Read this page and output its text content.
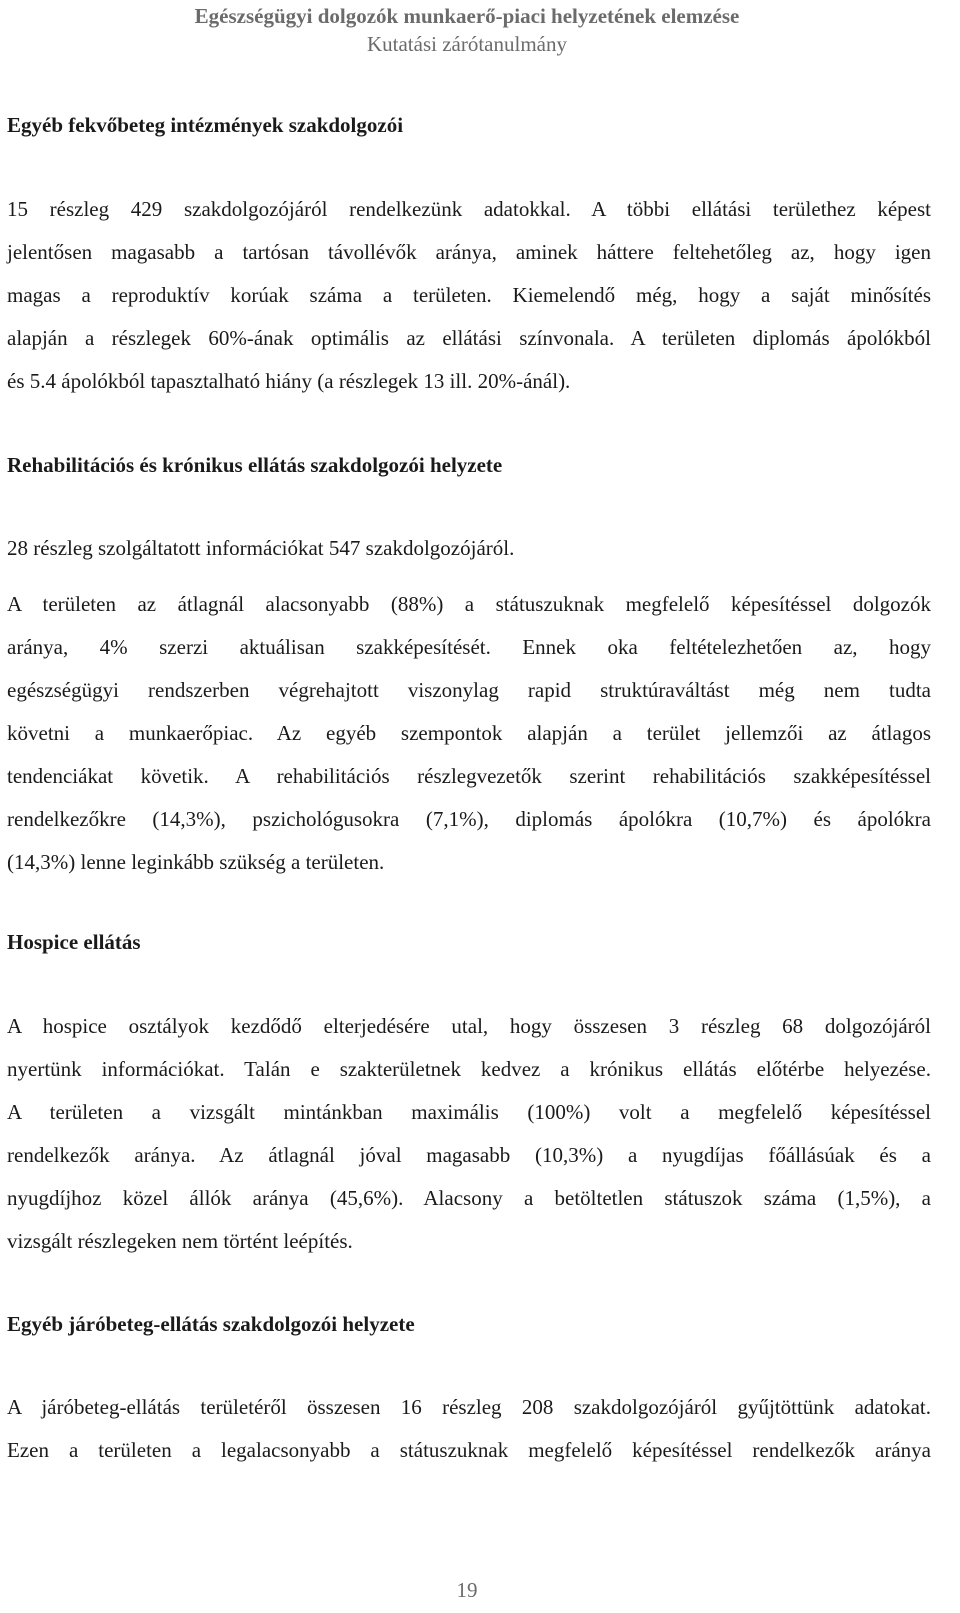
Egészségügyi dolgozók munkaerő-piaci helyzetének elemzése
Kutatási zárótanulmány
Egyéb fekvőbeteg intézmények szakdolgozói
15 részleg 429 szakdolgozójáról rendelkezünk adatokkal. A többi ellátási területhez képest
jelentősen magasabb a tartósan távollévők aránya, aminek háttere feltehetőleg az, hogy igen
magas a reproduktív korúak száma a területen. Kiemelendő még, hogy a saját minősítés
alapján a részlegek 60%-ának optimális az ellátási színvonala. A területen diplomás ápolókból
és 5.4 ápolókból tapasztalható hiány (a részlegek 13 ill. 20%-ánál).
Rehabilitációs és krónikus ellátás szakdolgozói helyzete
28 részleg szolgáltatott információkat 547 szakdolgozójáról.
A területen az átlagnál alacsonyabb (88%) a státuszuknak megfelelő képesítéssel dolgozók
aránya, 4% szerzi aktuálisan szakképesítését. Ennek oka feltételezhetően az, hogy
egészségügyi rendszerben végrehajtott viszonylag rapid struktúraváltást még nem tudta
követni a munkaerőpiac. Az egyéb szempontok alapján a terület jellemzői az átlagos
tendenciákat követik. A rehabilitációs részlegvezetők szerint rehabilitációs szakképesítéssel
rendelkezőkre (14,3%), pszichológusokra (7,1%), diplomás ápolókra (10,7%) és ápolókra
(14,3%) lenne leginkább szükség a területen.
Hospice ellátás
A hospice osztályok kezdődő elterjedésére utal, hogy összesen 3 részleg 68 dolgozójáról
nyertünk információkat. Talán e szakterületnek kedvez a krónikus ellátás előtérbe helyezése.
A területen a vizsgált mintánkban maximális (100%) volt a megfelelő képesítéssel
rendelkezők aránya. Az átlagnál jóval magasabb (10,3%) a nyugdíjas főállásúak és a
nyugdíjhoz közel állók aránya (45,6%). Alacsony a betöltetlen státuszok száma (1,5%), a
vizsgált részlegeken nem történt leépítés.
Egyéb járóbeteg-ellátás szakdolgozói helyzete
A járóbeteg-ellátás területéről összesen 16 részleg 208 szakdolgozójáról gyűjtöttünk adatokat.
Ezen a területen a legalacsonyabb a státuszuknak megfelelő képesítéssel rendelkezők aránya
19
